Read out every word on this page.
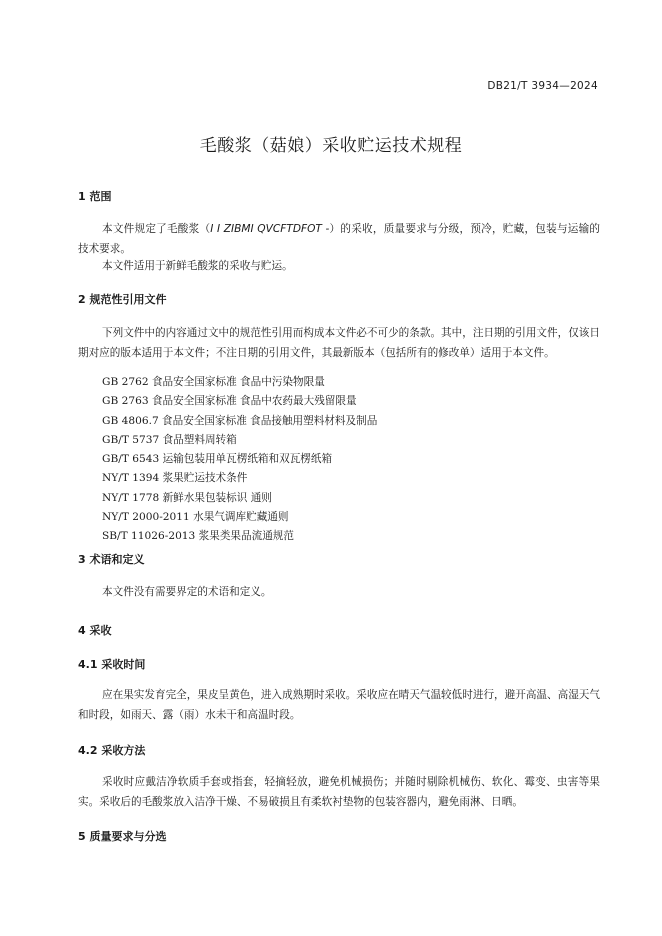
DB21/T 3934—2024
毛酸浆（菇娘）采收贮运技术规程
1 范围
本文件规定了毛酸浆（I I ZIBMI QVCFTDFOT -）的采收，质量要求与分级，预冷，贮藏，包装与运输的技术要求。
本文件适用于新鲜毛酸浆的采收与贮运。
2 规范性引用文件
下列文件中的内容通过文中的规范性引用而构成本文件必不可少的条款。其中，注日期的引用文件，仅该日期对应的版本适用于本文件；不注日期的引用文件，其最新版本（包括所有的修改单）适用于本文件。
GB 2762 食品安全国家标准 食品中污染物限量
GB 2763 食品安全国家标准 食品中农药最大残留限量
GB 4806.7 食品安全国家标准 食品接触用塑料材料及制品
GB/T 5737 食品塑料周转箱
GB/T 6543 运输包装用单瓦楞纸箱和双瓦楞纸箱
NY/T 1394 浆果贮运技术条件
NY/T 1778 新鲜水果包装标识 通则
NY/T 2000-2011 水果气调库贮藏通则
SB/T 11026-2013 浆果类果品流通规范
3 术语和定义
本文件没有需要界定的术语和定义。
4 采收
4.1 采收时间
应在果实发育完全，果皮呈黄色，进入成熟期时采收。采收应在晴天气温较低时进行，避开高温、高湿天气和时段，如雨天、露（雨）水未干和高温时段。
4.2 采收方法
采收时应戴洁净软质手套或指套，轻摘轻放，避免机械损伤；并随时剔除机械伤、软化、霉变、虫害等果实。采收后的毛酸浆放入洁净干燥、不易破损且有柔软衬垫物的包装容器内，避免雨淋、日晒。
5 质量要求与分选
